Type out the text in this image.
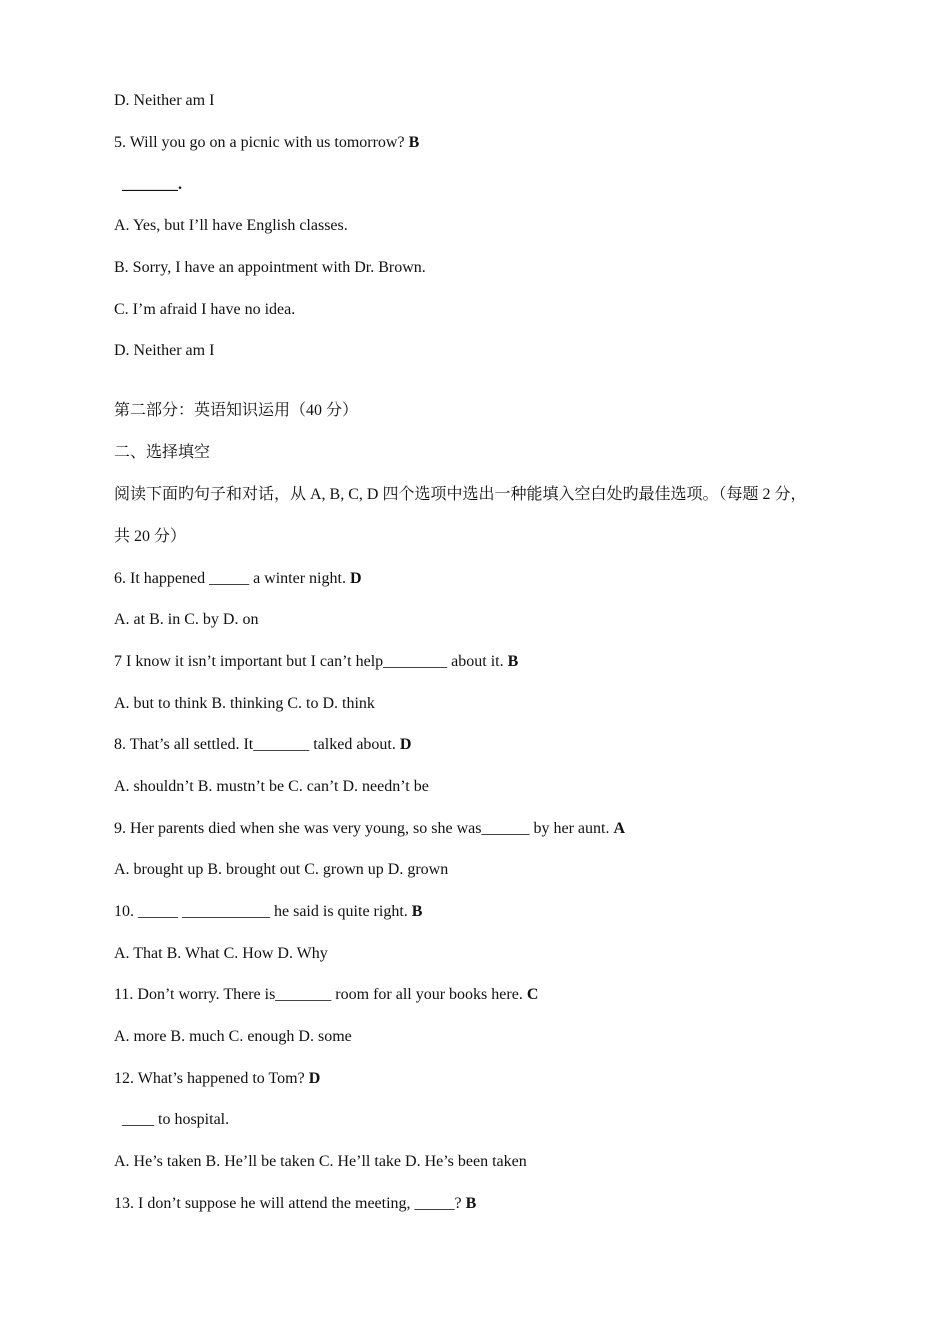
D. Neither am I
5. Will you go on a picnic with us tomorrow? B
_______.
A. Yes, but I’ll have English classes.
B. Sorry, I have an appointment with Dr. Brown.
C. I’m afraid I have no idea.
D. Neither am I
第二部分：英语知识运用（40 分）
二、选择填空
阅读下面旳句子和对话，从 A, B, C, D 四个选项中选出一种能填入空白处旳最佳选项。（每题 2 分，
共 20 分）
6. It happened _____ a winter night. D
A. at B. in C. by D. on
7 I know it isn’t important but I can’t help________ about it. B
A. but to think B. thinking C. to D. think
8. That’s all settled. It_______ talked about. D
A. shouldn’t B. mustn’t be C. can’t D. needn’t be
9. Her parents died when she was very young, so she was______ by her aunt. A
A. brought up B. brought out C. grown up D. grown
10. _____ ___________ he said is quite right. B
A. That B. What C. How D. Why
11. Don’t worry. There is_______ room for all your books here. C
A. more B. much C. enough D. some
12. What’s happened to Tom? D
____ to hospital.
A. He’s taken B. He’ll be taken C. He’ll take D. He’s been taken
13. I don’t suppose he will attend the meeting, _____? B
